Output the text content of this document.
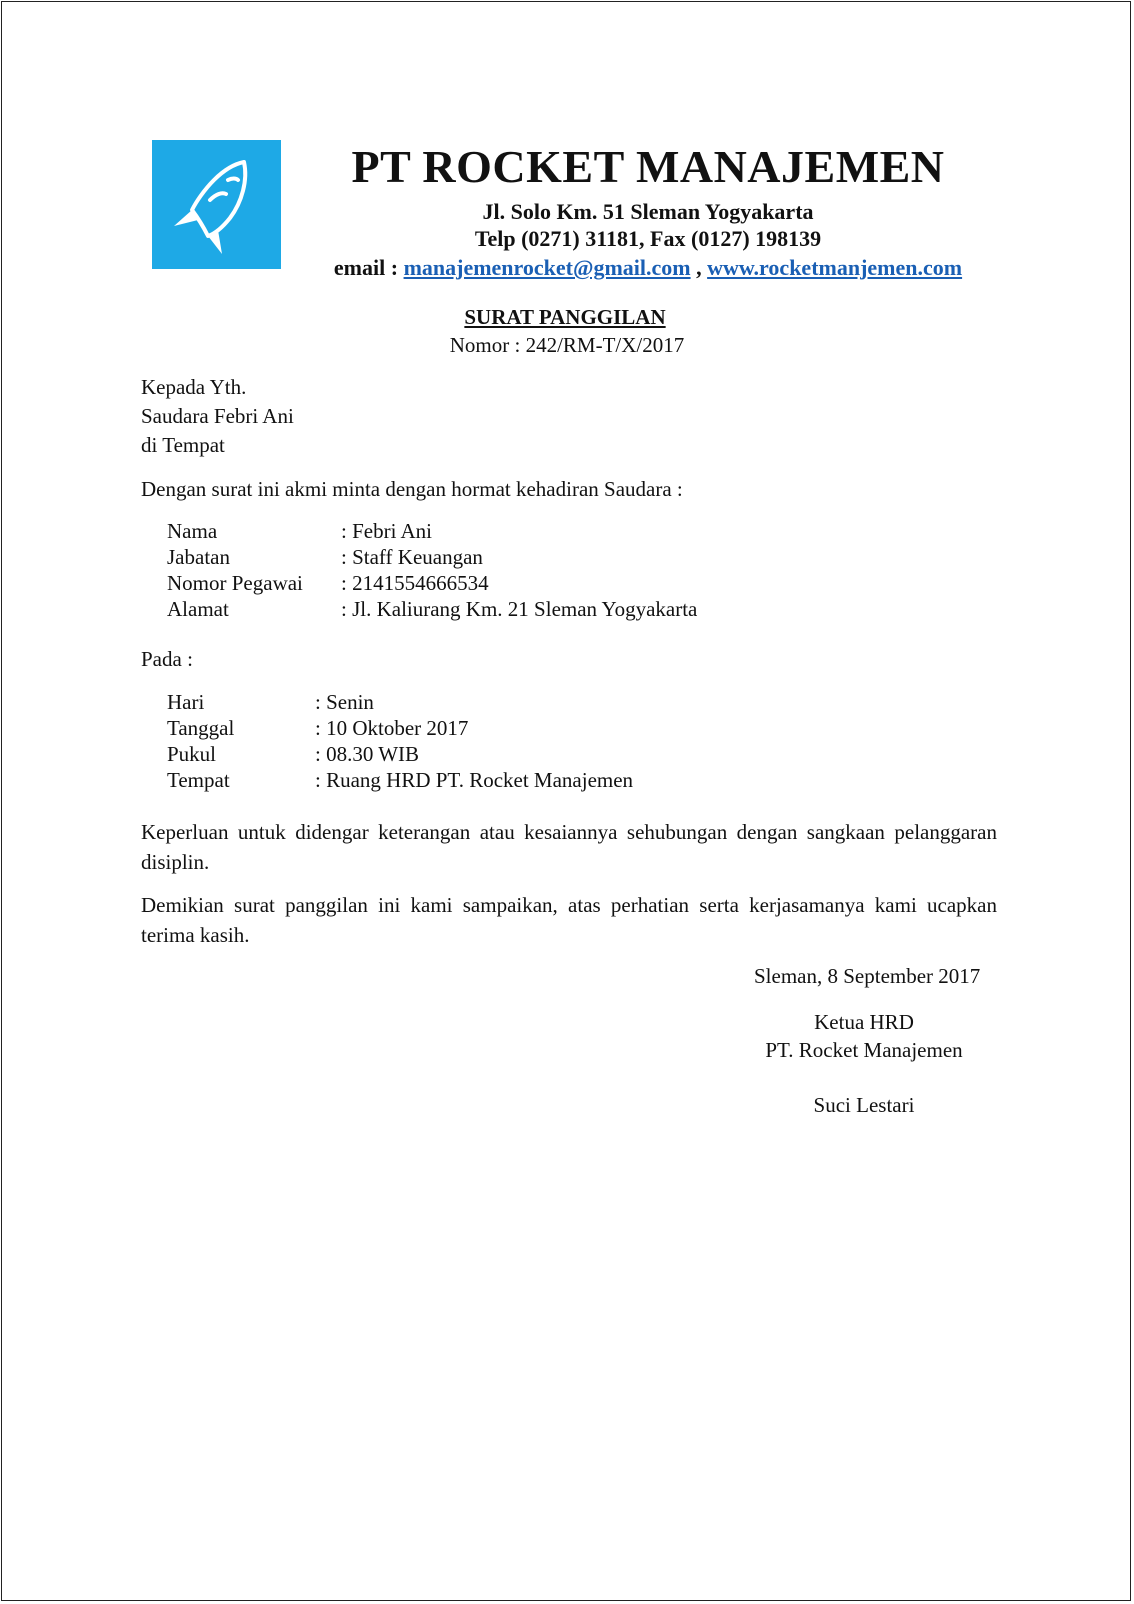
PT ROCKET MANAJEMEN
Jl. Solo Km. 51 Sleman Yogyakarta
Telp (0271) 31181, Fax (0127) 198139
email : manajemenrocket@gmail.com , www.rocketmanjemen.com
SURAT PANGGILAN
Nomor : 242/RM-T/X/2017
Kepada Yth.
Saudara Febri Ani
di Tempat
Dengan surat ini akmi minta dengan hormat kehadiran Saudara :
Nama	: Febri Ani
Jabatan	: Staff Keuangan
Nomor Pegawai : 2141554666534
Alamat	: Jl. Kaliurang Km. 21 Sleman Yogyakarta
Pada :
Hari	: Senin
Tanggal	: 10 Oktober 2017
Pukul	: 08.30 WIB
Tempat	: Ruang HRD PT. Rocket Manajemen
Keperluan untuk didengar keterangan atau kesaiannya sehubungan dengan sangkaan pelanggaran disiplin.
Demikian surat panggilan ini kami sampaikan, atas perhatian serta kerjasamanya kami ucapkan terima kasih.
Sleman, 8 September 2017
Ketua HRD
PT. Rocket Manajemen
Suci Lestari
